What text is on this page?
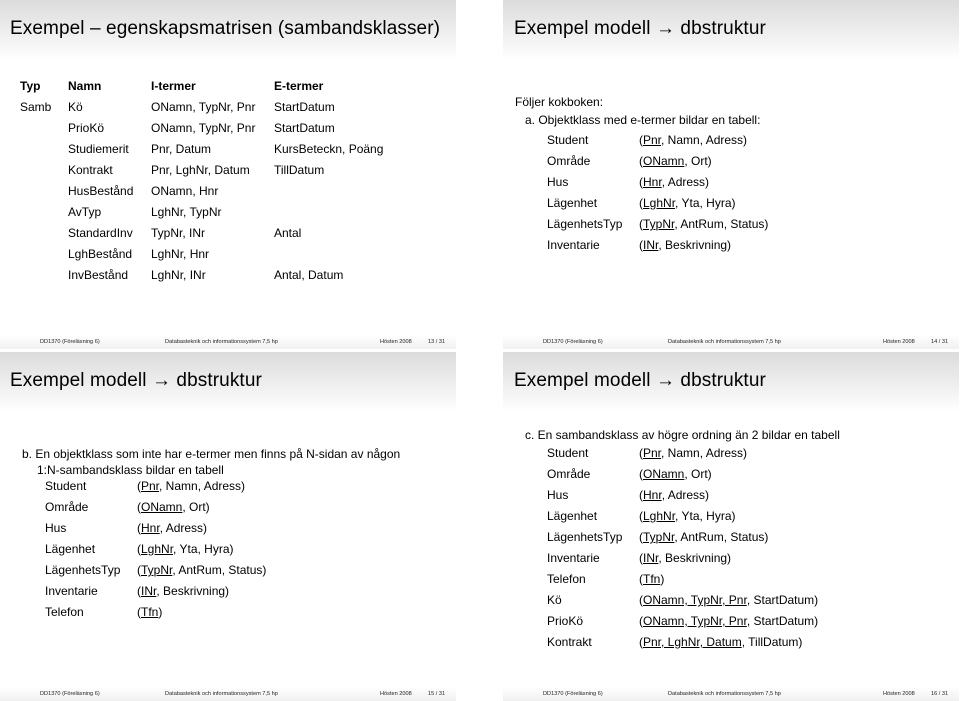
Exempel – egenskapsmatrisen (sambandsklasser)
Typ	Namn	I-termer	E-termer
Samb	Kö	ONamn, TypNr, Pnr	StartDatum
	PrioKö	ONamn, TypNr, Pnr	StartDatum
	Studiemerit	Pnr, Datum	KursBeteckn, Poäng
	Kontrakt	Pnr, LghNr, Datum	TillDatum
	HusBestånd	ONamn, Hnr	
	AvTyp	LghNr, TypNr	
	StandardInv	TypNr, INr	Antal
	LghBestånd	LghNr, Hnr	
	InvBestånd	LghNr, INr	Antal, Datum
DD1370 (Föreläsning 6)	Databasteknik och informationssystem 7,5 hp	Hösten 2008	13 / 31
Exempel modell → dbstruktur
Följer kokboken:
a. Objektklass med e-termer bildar en tabell:
Student	(Pnr, Namn, Adress)
Område	(ONamn, Ort)
Hus	(Hnr, Adress)
Lägenhet	(LghNr, Yta, Hyra)
LägenhetsTyp (TypNr, AntRum, Status)
Inventarie	(INr, Beskrivning)
DD1370 (Föreläsning 6)	Databasteknik och informationssystem 7,5 hp	Hösten 2008	14 / 31
Exempel modell → dbstruktur
b. En objektklass som inte har e-termer men finns på N-sidan av någon
1:N-sambandsklass bildar en tabell
Student	(Pnr, Namn, Adress)
Område	(ONamn, Ort)
Hus	(Hnr, Adress)
Lägenhet	(LghNr, Yta, Hyra)
LägenhetsTyp (TypNr, AntRum, Status)
Inventarie	(INr, Beskrivning)
Telefon	(Tfn)
DD1370 (Föreläsning 6)	Databasteknik och informationssystem 7,5 hp	Hösten 2008	15 / 31
Exempel modell → dbstruktur
c. En sambandsklass av högre ordning än 2 bildar en tabell
Student	(Pnr, Namn, Adress)
Område	(ONamn, Ort)
Hus	(Hnr, Adress)
Lägenhet	(LghNr, Yta, Hyra)
LägenhetsTyp (TypNr, AntRum, Status)
Inventarie	(INr, Beskrivning)
Telefon	(Tfn)
Kö	(ONamn, TypNr, Pnr, StartDatum)
PrioKö	(ONamn, TypNr, Pnr, StartDatum)
Kontrakt	(Pnr, LghNr, Datum, TillDatum)
DD1370 (Föreläsning 6)	Databasteknik och informationssystem 7,5 hp	Hösten 2008	16 / 31
